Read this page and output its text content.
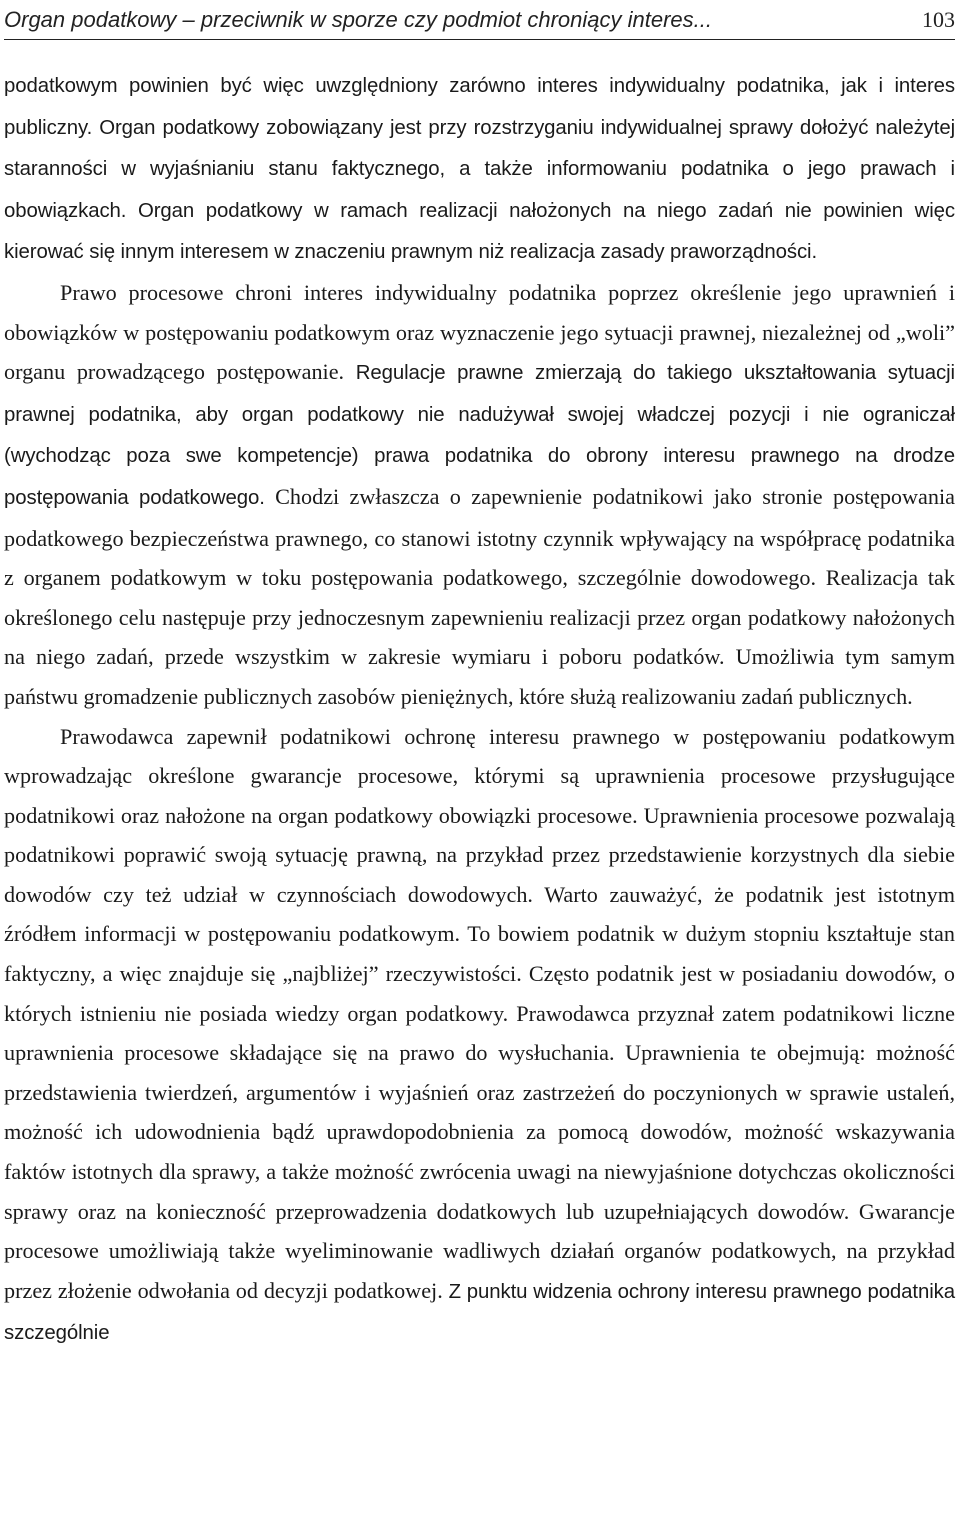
Organ podatkowy – przeciwnik w sporze czy podmiot chroniący interes...	103

podatkowym powinien być więc uwzględniony zarówno interes indywidualny podatnika, jak i interes publiczny. Organ podatkowy zobowiązany jest przy rozstrzyganiu indywidualnej sprawy dołożyć należytej staranności w wyjaśnianiu stanu faktycznego, a także informowaniu podatnika o jego prawach i obowiązkach. Organ podatkowy w ramach realizacji nałożonych na niego zadań nie powinien więc kierować się innym interesem w znaczeniu prawnym niż realizacja zasady praworządności.

Prawo procesowe chroni interes indywidualny podatnika poprzez określenie jego uprawnień i obowiązków w postępowaniu podatkowym oraz wyznaczenie jego sytuacji prawnej, niezależnej od „woli” organu prowadzącego postępowanie. Regulacje prawne zmierzają do takiego ukształtowania sytuacji prawnej podatnika, aby organ podatkowy nie nadużywał swojej władczej pozycji i nie ograniczał (wychodząc poza swe kompetencje) prawa podatnika do obrony interesu prawnego na drodze postępowania podatkowego. Chodzi zwłaszcza o zapewnienie podatnikowi jako stronie postępowania podatkowego bezpieczeństwa prawnego, co stanowi istotny czynnik wpływający na współpracę podatnika z organem podatkowym w toku postępowania podatkowego, szczególnie dowodowego. Realizacja tak określonego celu następuje przy jednoczesnym zapewnieniu realizacji przez organ podatkowy nałożonych na niego zadań, przede wszystkim w zakresie wymiaru i poboru podatków. Umożliwia tym samym państwu gromadzenie publicznych zasobów pieniężnych, które służą realizowaniu zadań publicznych.

Prawodawca zapewnił podatnikowi ochronę interesu prawnego w postępowaniu podatkowym wprowadzając określone gwarancje procesowe, którymi są uprawnienia procesowe przysługujące podatnikowi oraz nałożone na organ podatkowy obowiązki procesowe. Uprawnienia procesowe pozwalają podatnikowi poprawić swoją sytuację prawną, na przykład przez przedstawienie korzystnych dla siebie dowodów czy też udział w czynnościach dowodowych. Warto zauważyć, że podatnik jest istotnym źródłem informacji w postępowaniu podatkowym. To bowiem podatnik w dużym stopniu kształtuje stan faktyczny, a więc znajduje się „najbliżej” rzeczywistości. Często podatnik jest w posiadaniu dowodów, o których istnieniu nie posiada wiedzy organ podatkowy. Prawodawca przyznał zatem podatnikowi liczne uprawnienia procesowe składające się na prawo do wysłuchania. Uprawnienia te obejmują: możność przedstawienia twierdzeń, argumentów i wyjaśnień oraz zastrzeżeń do poczynionych w sprawie ustaleń, możność ich udowodnienia bądź uprawdopodobnienia za pomocą dowodów, możność wskazywania faktów istotnych dla sprawy, a także możność zwrócenia uwagi na niewyjaśnione dotychczas okoliczności sprawy oraz na konieczność przeprowadzenia dodatkowych lub uzupełniających dowodów. Gwarancje procesowe umożliwiają także wyeliminowanie wadliwych działań organów podatkowych, na przykład przez złożenie odwołania od decyzji podatkowej. Z punktu widzenia ochrony interesu prawnego podatnika szczególnie
